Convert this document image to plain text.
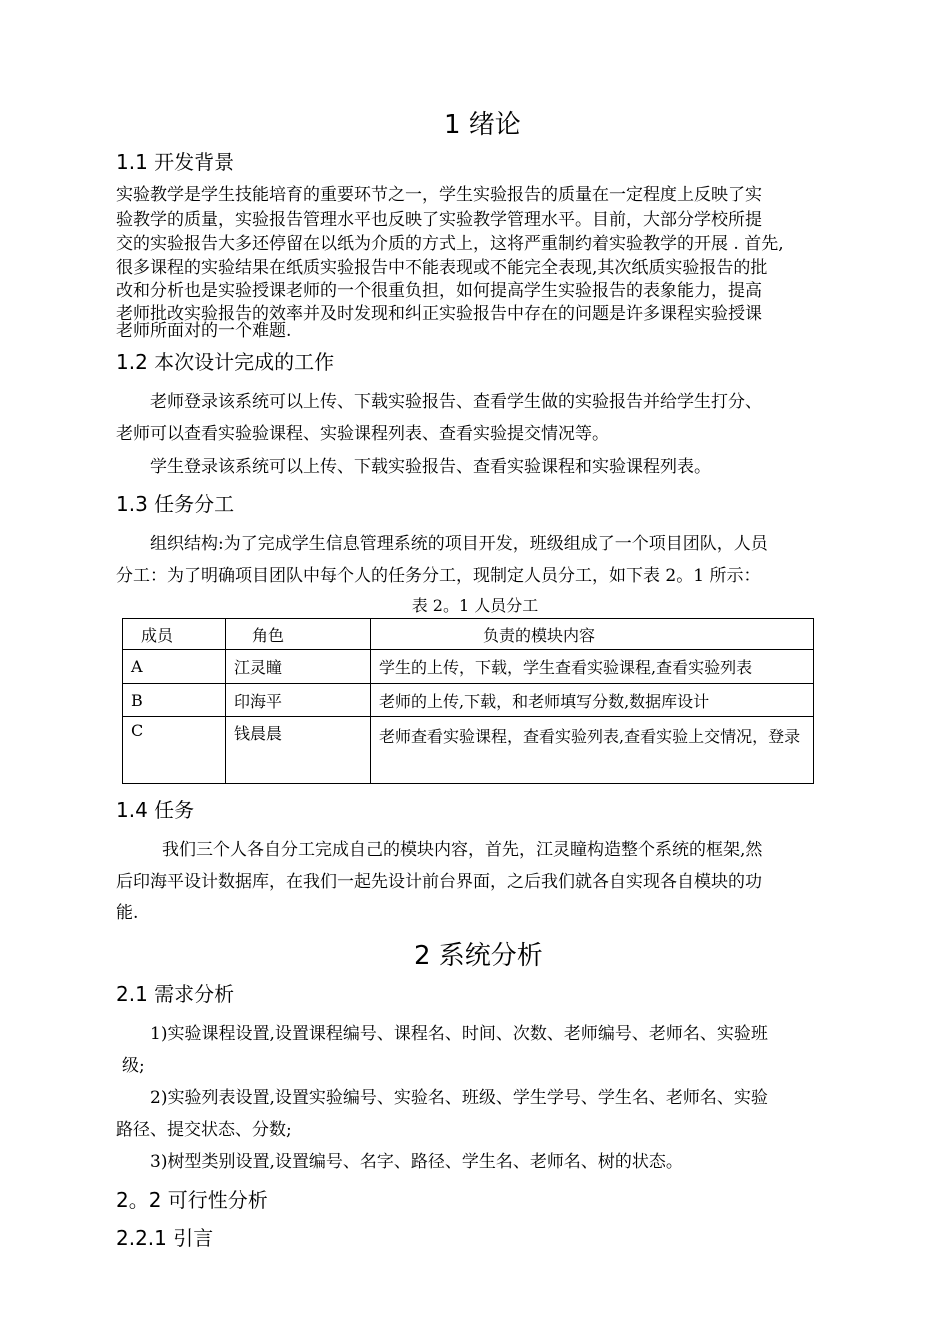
1 绪论
1.1 开发背景
实验教学是学生技能培育的重要环节之一，学生实验报告的质量在一定程度上反映了实
验教学的质量，实验报告管理水平也反映了实验教学管理水平。目前，大部分学校所提
交的实验报告大多还停留在以纸为介质的方式上，这将严重制约着实验教学的开展 . 首先,
很多课程的实验结果在纸质实验报告中不能表现或不能完全表现,其次纸质实验报告的批
改和分析也是实验授课老师的一个很重负担，如何提高学生实验报告的表象能力，提高
老师批改实验报告的效率并及时发现和纠正实验报告中存在的问题是许多课程实验授课
老师所面对的一个难题.
1.2 本次设计完成的工作
老师登录该系统可以上传、下载实验报告、查看学生做的实验报告并给学生打分、
老师可以查看实验验课程、实验课程列表、查看实验提交情况等。
学生登录该系统可以上传、下载实验报告、查看实验课程和实验课程列表。
1.3 任务分工
组织结构:为了完成学生信息管理系统的项目开发，班级组成了一个项目团队，人员
分工：为了明确项目团队中每个人的任务分工，现制定人员分工，如下表 2。1 所示：
表 2。1 人员分工
成员	角色	负责的模块内容
A	江灵瞳	学生的上传，下载，学生查看实验课程,查看实验列表
B	印海平	老师的上传,下载，和老师填写分数,数据库设计
C	钱晨晨	老师查看实验课程，查看实验列表,查看实验上交情况，登录
1.4 任务
我们三个人各自分工完成自己的模块内容，首先，江灵瞳构造整个系统的框架,然
后印海平设计数据库，在我们一起先设计前台界面，之后我们就各自实现各自模块的功
能.
2 系统分析
2.1 需求分析
1)实验课程设置,设置课程编号、课程名、时间、次数、老师编号、老师名、实验班
级;
2)实验列表设置,设置实验编号、实验名、班级、学生学号、学生名、老师名、实验
路径、提交状态、分数;
3)树型类别设置,设置编号、名字、路径、学生名、老师名、树的状态。
2。2 可行性分析
2.2.1 引言
